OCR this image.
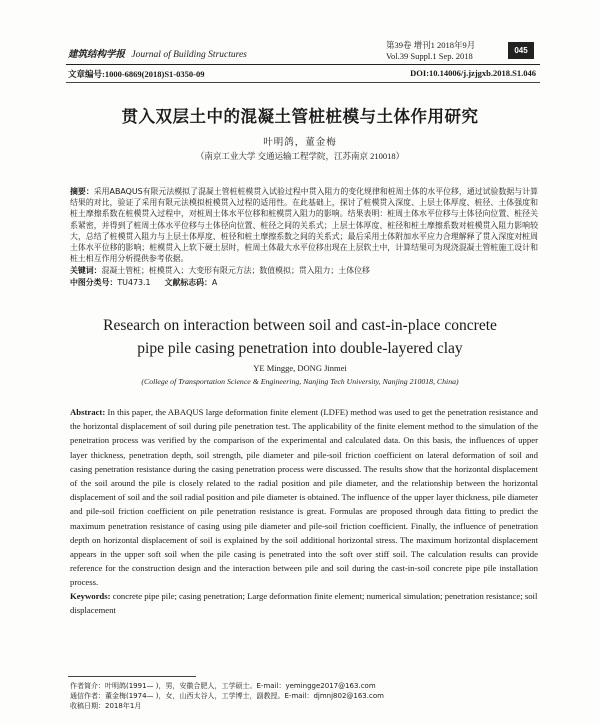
建筑结构学报 Journal of Building Structures
第39卷 增刊1 2018年9月
Vol.39 Suppl.1 Sep. 2018
045
文章编号:1000-6869(2018)S1-0350-09	DOI:10.14006/j.jzjgxb.2018.S1.046
贯入双层土中的混凝土管桩桩模与土体作用研究
叶明鸽，董金梅
（南京工业大学 交通运输工程学院，江苏南京 210018）
摘要：采用ABAQUS有限元法模拟了混凝土管桩桩模贯入试验过程中贯入阻力的变化规律和桩周土体的水平位移，通过试验数据与计算结果的对比，验证了采用有限元法模拟桩模贯入过程的适用性。在此基础上，探讨了桩模贯入深度、上层土体厚度、桩径、土体强度和桩土摩擦系数在桩模贯入过程中，对桩周土体水平位移和桩模贯入阻力的影响。结果表明：桩周土体水平位移与土体径向位置、桩径关系紧密，并得到了桩周土体水平位移与土体径向位置、桩径之间的关系式；上层土体厚度、桩径和桩土摩擦系数对桩模贯入阻力影响较大，总结了桩模贯入阻力与上层土体厚度、桩径和桩土摩擦系数之间的关系式；最后采用土体附加水平应力合理解释了贯入深度对桩周土体水平位移的影响；桩模贯入上软下硬土层时，桩周土体最大水平位移出现在上层软土中，计算结果可为现浇混凝土管桩施工设计和桩土相互作用分析提供参考依据。
关键词：混凝土管桩；桩模贯入；大变形有限元方法；数值模拟；贯入阻力；土体位移
中图分类号：TU473.1 文献标志码：A
Research on interaction between soil and cast-in-place concrete
pipe pile casing penetration into double-layered clay
YE Mingge, DONG Jinmei
(College of Transportation Science & Engineering, Nanjing Tech University, Nanjing 210018, China)
Abstract: In this paper, the ABAQUS large deformation finite element (LDFE) method was used to get the penetration resistance and the horizontal displacement of soil during pile penetration test. The applicability of the finite element method to the simulation of the penetration process was verified by the comparison of the experimental and calculated data. On this basis, the influences of upper layer thickness, penetration depth, soil strength, pile diameter and pile-soil friction coefficient on lateral deformation of soil and casing penetration resistance during the casing penetration process were discussed. The results show that the horizontal displacement of the soil around the pile is closely related to the radial position and pile diameter, and the relationship between the horizontal displacement of soil and the soil radial position and pile diameter is obtained. The influence of the upper layer thickness, pile diameter and pile-soil friction coefficient on pile penetration resistance is great. Formulas are proposed through data fitting to predict the maximum penetration resistance of casing using pile diameter and pile-soil friction coefficient. Finally, the influence of penetration depth on horizontal displacement of soil is explained by the soil additional horizontal stress. The maximum horizontal displacement appears in the upper soft soil when the pile casing is penetrated into the soft over stiff soil. The calculation results can provide reference for the construction design and the interaction between pile and soil during the cast-in-soil concrete pipe pile installation process.
Keywords: concrete pipe pile; casing penetration; Large deformation finite element; numerical simulation; penetration resistance; soil displacement
作者简介：叶明鸽(1991— )，男，安徽合肥人，工学硕士。E-mail：yemingge2017@163.com
通信作者：董金梅(1974— )，女，山西太谷人，工学博士，副教授。E-mail：djmnj802@163.com
收稿日期：2018年1月
